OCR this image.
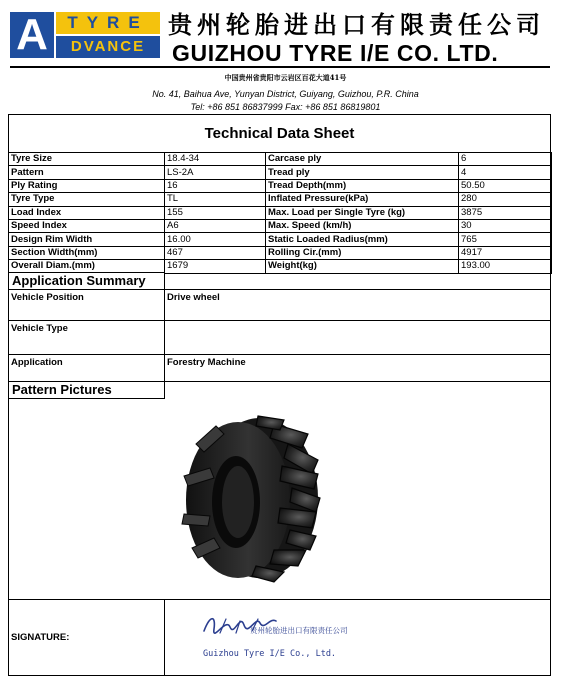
A	TYRE
DVANCE
贵州轮胎进出口有限责任公司
GUIZHOU TYRE I/E CO. LTD.
中国贵州省贵阳市云岩区百花大道41号
No. 41, Baihua Ave, Yunyan District, Guiyang, Guizhou, P.R. China
Tel: +86 851 86837999 Fax: +86 851 86819801
Technical Data Sheet
Tyre Size	18.4-34	Carcase ply	6
Pattern	LS-2A	Tread ply	4
Ply Rating	16	Tread Depth(mm)	50.50
Tyre Type	TL	Inflated Pressure(kPa)	280
Load Index	155	Max. Load per Single Tyre (kg)	3875
Speed Index	A6	Max. Speed (km/h)	30
Design Rim Width	16.00	Static Loaded Radius(mm)	765
Section Width(mm)	467	Rolling Cir.(mm)	4917
Overall Diam.(mm)	1679	Weight(kg)	193.00
Application Summary
Vehicle Position	Drive wheel
Vehicle Type
Application	Forestry Machine
Pattern Pictures
SIGNATURE:
贵州轮胎进出口有限责任公司
Guizhou Tyre I/E Co., Ltd.
